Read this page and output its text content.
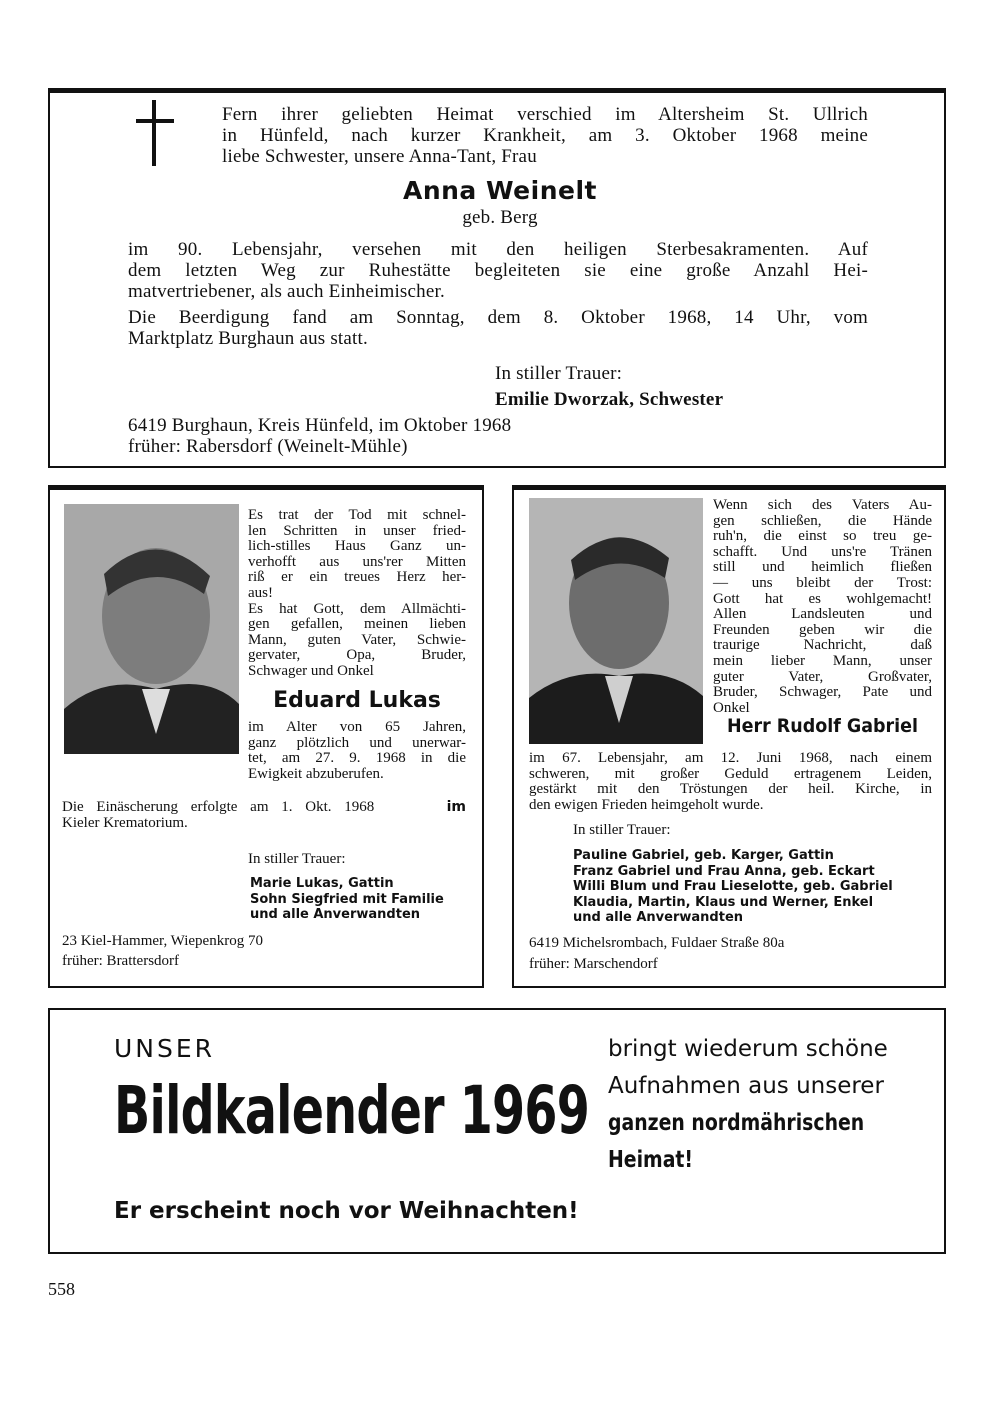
Fern ihrer geliebten Heimat verschied im Altersheim St. Ullrich
in Hünfeld, nach kurzer Krankheit, am 3. Oktober 1968 meine
liebe Schwester, unsere Anna-Tant, Frau
Anna Weinelt
geb. Berg
im 90. Lebensjahr, versehen mit den heiligen Sterbesakramenten. Auf
dem letzten Weg zur Ruhestätte begleiteten sie eine große Anzahl Hei-
matvertriebener, als auch Einheimischer.
Die Beerdigung fand am Sonntag, dem 8. Oktober 1968, 14 Uhr, vom
Marktplatz Burghaun aus statt.
In stiller Trauer:
Emilie Dworzak, Schwester
6419 Burghaun, Kreis Hünfeld, im Oktober 1968
früher: Rabersdorf (Weinelt-Mühle)
Es trat der Tod mit schnel-
len Schritten in unser fried-
lich-stilles Haus Ganz un-
verhofft aus uns'rer Mitten
riß er ein treues Herz her-
aus!
Es hat Gott, dem Allmächti-
gen gefallen, meinen lieben
Mann, guten Vater, Schwie-
gervater, Opa, Bruder,
Schwager und Onkel
Eduard Lukas
im Alter von 65 Jahren,
ganz plötzlich und unerwar-
tet, am 27. 9. 1968 in die
Ewigkeit abzuberufen.
Die Einäscherung erfolgte am 1. Okt. 1968	im
Kieler Krematorium.
In stiller Trauer:
Marie Lukas, Gattin
Sohn Siegfried mit Familie
und alle Anverwandten
23 Kiel-Hammer, Wiepenkrog 70
früher: Brattersdorf
Wenn sich des Vaters Au-
gen schließen, die Hände
ruh'n, die einst so treu ge-
schafft. Und uns're Tränen
still und heimlich fließen
— uns bleibt der Trost:
Gott hat es wohlgemacht!
Allen Landsleuten und
Freunden geben wir die
traurige Nachricht, daß
mein lieber Mann, unser
guter Vater, Großvater,
Bruder, Schwager, Pate und
Onkel
Herr Rudolf Gabriel
im 67. Lebensjahr, am 12. Juni 1968, nach einem
schweren, mit großer Geduld ertragenem Leiden,
gestärkt mit den Tröstungen der heil. Kirche, in
den ewigen Frieden heimgeholt wurde.
In stiller Trauer:
Pauline Gabriel, geb. Karger, Gattin
Franz Gabriel und Frau Anna, geb. Eckart
Willi Blum und Frau Lieselotte, geb. Gabriel
Klaudia, Martin, Klaus und Werner, Enkel
und alle Anverwandten
6419 Michelsrombach, Fuldaer Straße 80a
früher: Marschendorf
UNSER
Bildkalender 1969
bringt wiederum schöne
Aufnahmen aus unserer
ganzen nordmährischen
Heimat!
Er erscheint noch vor Weihnachten!
558
